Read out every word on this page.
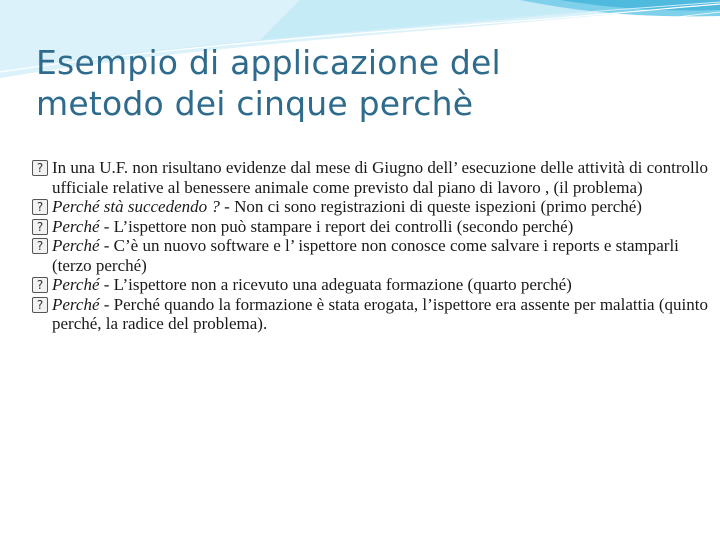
Esempio di applicazione del
metodo dei cinque perchè
? In una U.F. non risultano evidenze dal mese di Giugno dell’ esecuzione delle attività di controllo ufficiale relative al benessere animale come previsto dal piano di lavoro , (il problema)
? Perché stà succedendo ? - Non ci sono registrazioni di queste ispezioni (primo perché)
? Perché - L’ispettore non può stampare i report dei controlli (secondo perché)
? Perché - C’è un nuovo software e l’ ispettore non conosce come salvare i reports e stamparli (terzo perché)
? Perché - L’ispettore non a ricevuto una adeguata formazione (quarto perché)
? Perché - Perché quando la formazione è stata erogata, l’ispettore era assente per malattia (quinto perché, la radice del problema).
